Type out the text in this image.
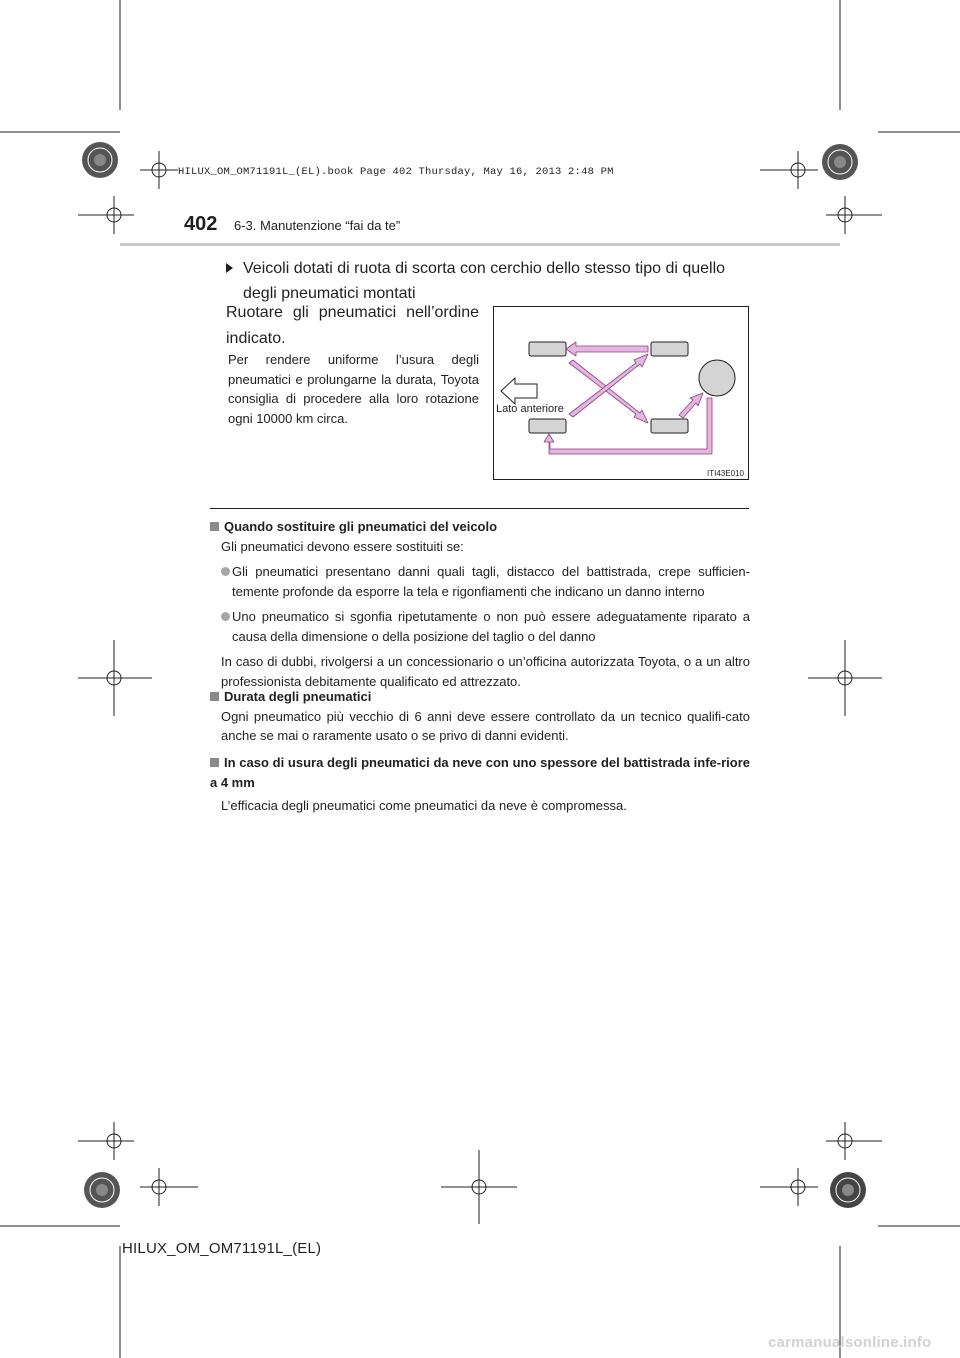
HILUX_OM_OM71191L_(EL).book Page 402 Thursday, May 16, 2013 2:48 PM
402 6-3. Manutenzione “fai da te”
Veicoli dotati di ruota di scorta con cerchio dello stesso tipo di quello degli pneumatici montati
Ruotare gli pneumatici nell’ordine
indicato.
Per rendere uniforme l’usura degli pneumatici e prolungarne la durata, Toyota consiglia di procedere alla loro rotazione ogni 10000 km circa.
Lato anteriore
ITI43E010
Quando sostituire gli pneumatici del veicolo
Gli pneumatici devono essere sostituiti se:
Gli pneumatici presentano danni quali tagli, distacco del battistrada, crepe sufficien-temente profonde da esporre la tela e rigonfiamenti che indicano un danno interno
Uno pneumatico si sgonfia ripetutamente o non può essere adeguatamente riparato a causa della dimensione o della posizione del taglio o del danno
In caso di dubbi, rivolgersi a un concessionario o un’officina autorizzata Toyota, o a un altro professionista debitamente qualificato ed attrezzato.
Durata degli pneumatici
Ogni pneumatico più vecchio di 6 anni deve essere controllato da un tecnico qualifi-cato anche se mai o raramente usato o se privo di danni evidenti.
In caso di usura degli pneumatici da neve con uno spessore del battistrada infe-riore a 4 mm
L’efficacia degli pneumatici come pneumatici da neve è compromessa.
HILUX_OM_OM71191L_(EL)
carmanualsonline.info
